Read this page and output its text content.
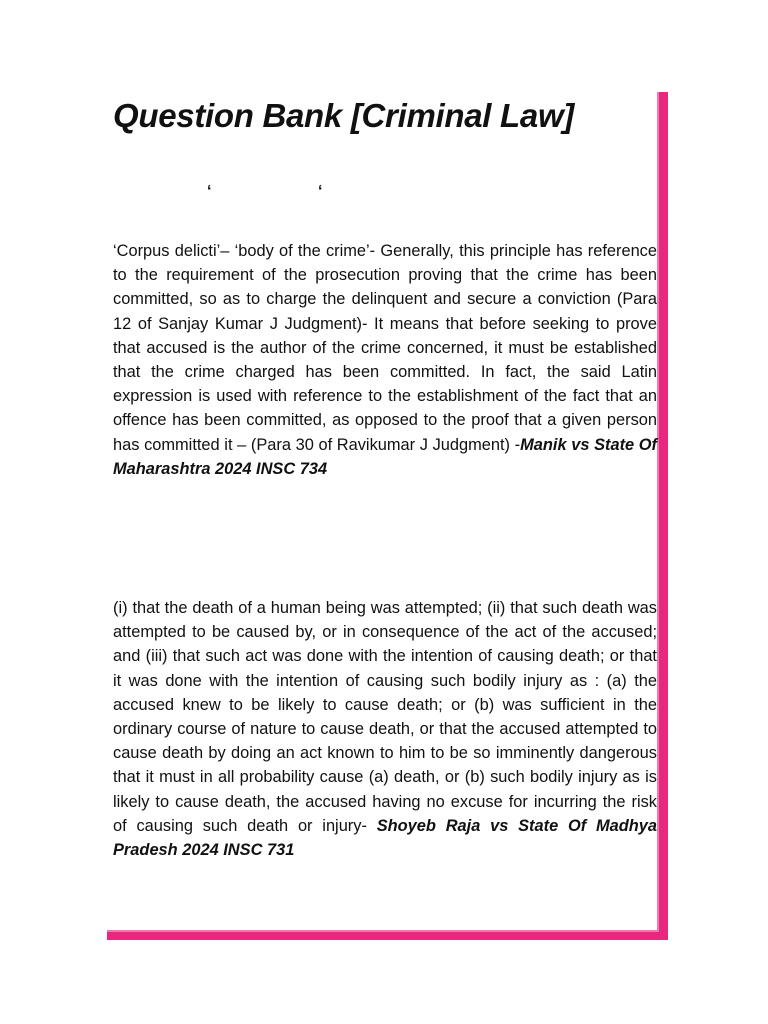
Question Bank [Criminal Law]
‘	‘

‘Corpus delicti’– ‘body of the crime’- Generally, this principle has reference to the requirement of the prosecution proving that the crime has been committed, so as to charge the delinquent and secure a conviction (Para 12 of Sanjay Kumar J Judgment)- It means that before seeking to prove that accused is the author of the crime concerned, it must be established that the crime charged has been committed. In fact, the said Latin expression is used with reference to the establishment of the fact that an offence has been committed, as opposed to the proof that a given person has committed it – (Para 30 of Ravikumar J Judgment) -Manik vs State Of Maharashtra 2024 INSC 734

(i) that the death of a human being was attempted; (ii) that such death was attempted to be caused by, or in consequence of the act of the accused; and (iii) that such act was done with the intention of causing death; or that it was done with the intention of causing such bodily injury as : (a) the accused knew to be likely to cause death; or (b) was sufficient in the ordinary course of nature to cause death, or that the accused attempted to cause death by doing an act known to him to be so imminently dangerous that it must in all probability cause (a) death, or (b) such bodily injury as is likely to cause death, the accused having no excuse for incurring the risk of causing such death or injury- Shoyeb Raja vs State Of Madhya Pradesh 2024 INSC 731
